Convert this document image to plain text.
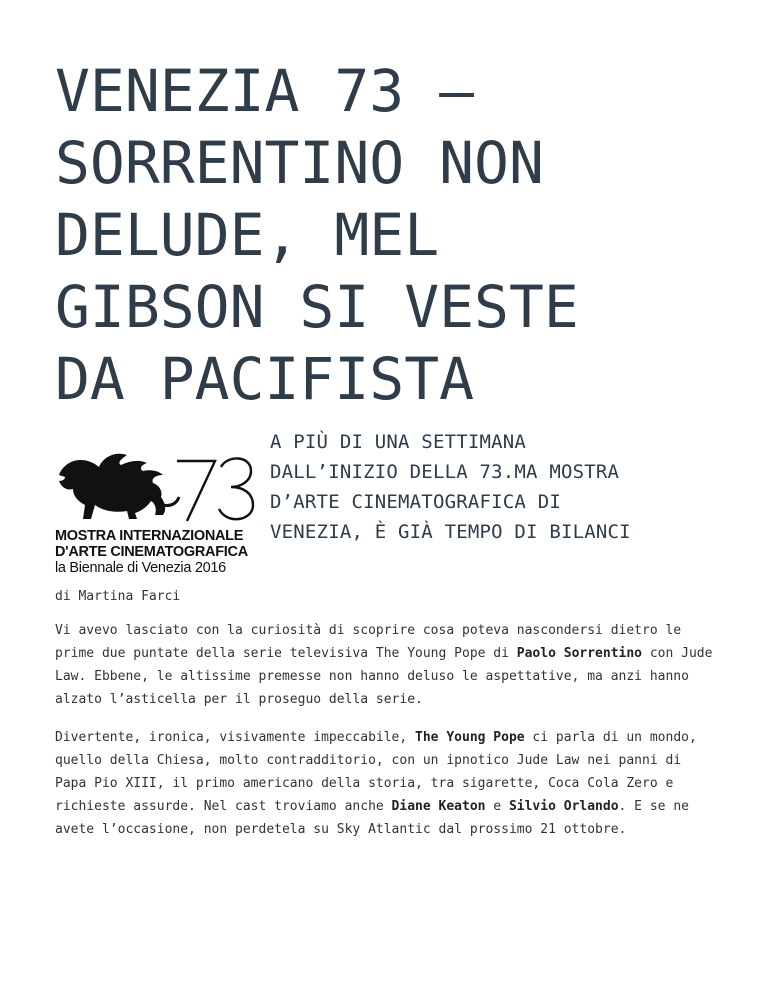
VENEZIA 73 –
SORRENTINO NON
DELUDE, MEL
GIBSON SI VESTE
DA PACIFISTA
MOSTRA INTERNAZIONALE
D'ARTE CINEMATOGRAFICA
la Biennale di Venezia 2016
A PIÙ DI UNA SETTIMANA
DALL’INIZIO DELLA 73.MA MOSTRA
D’ARTE CINEMATOGRAFICA DI
VENEZIA, È GIÀ TEMPO DI BILANCI

di Martina Farci

Vi avevo lasciato con la curiosità di scoprire cosa poteva nascondersi dietro le prime due puntate della serie televisiva The Young Pope di Paolo Sorrentino con Jude Law. Ebbene, le altissime premesse non hanno deluso le aspettative, ma anzi hanno alzato l’asticella per il proseguo della serie.

Divertente, ironica, visivamente impeccabile, The Young Pope ci parla di un mondo, quello della Chiesa, molto contradditorio, con un ipnotico Jude Law nei panni di Papa Pio XIII, il primo americano della storia, tra sigarette, Coca Cola Zero e richieste assurde. Nel cast troviamo anche Diane Keaton e Silvio Orlando. E se ne avete l’occasione, non perdetela su Sky Atlantic dal prossimo 21 ottobre.
